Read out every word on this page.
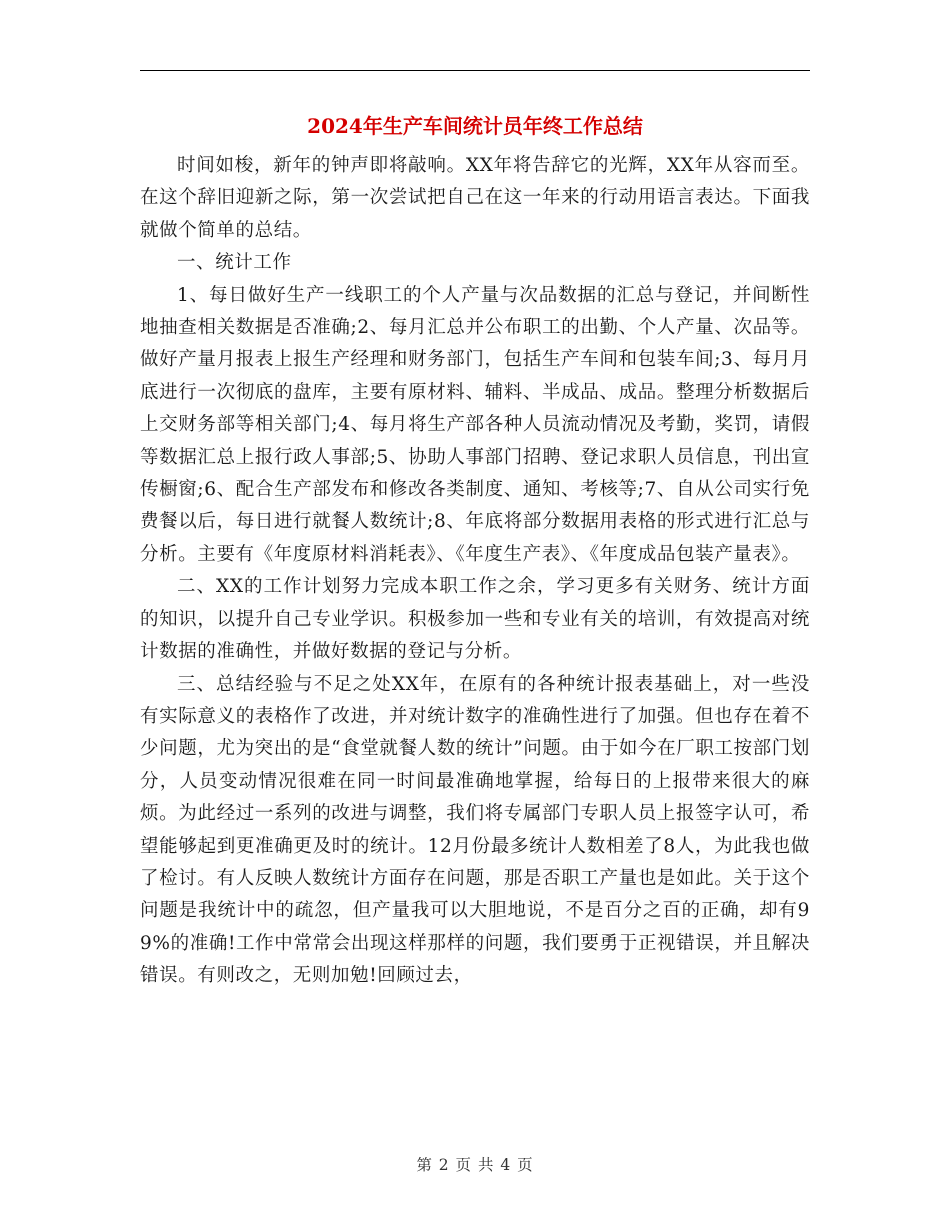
2024年生产车间统计员年终工作总结

时间如梭，新年的钟声即将敲响。XX年将告辞它的光辉，XX年从容而至。在这个辞旧迎新之际，第一次尝试把自己在这一年来的行动用语言表达。下面我就做个简单的总结。

一、统计工作

1、每日做好生产一线职工的个人产量与次品数据的汇总与登记，并间断性地抽查相关数据是否准确;2、每月汇总并公布职工的出勤、个人产量、次品等。做好产量月报表上报生产经理和财务部门，包括生产车间和包装车间;3、每月月底进行一次彻底的盘库，主要有原材料、辅料、半成品、成品。整理分析数据后上交财务部等相关部门;4、每月将生产部各种人员流动情况及考勤，奖罚，请假等数据汇总上报行政人事部;5、协助人事部门招聘、登记求职人员信息，刊出宣传橱窗;6、配合生产部发布和修改各类制度、通知、考核等;7、自从公司实行免费餐以后，每日进行就餐人数统计;8、年底将部分数据用表格的形式进行汇总与分析。主要有《年度原材料消耗表》、《年度生产表》、《年度成品包装产量表》。

二、XX的工作计划努力完成本职工作之余，学习更多有关财务、统计方面的知识，以提升自己专业学识。积极参加一些和专业有关的培训，有效提高对统计数据的准确性，并做好数据的登记与分析。

三、总结经验与不足之处XX年，在原有的各种统计报表基础上，对一些没有实际意义的表格作了改进，并对统计数字的准确性进行了加强。但也存在着不少问题，尤为突出的是“食堂就餐人数的统计”问题。由于如今在厂职工按部门划分，人员变动情况很难在同一时间最准确地掌握，给每日的上报带来很大的麻烦。为此经过一系列的改进与调整，我们将专属部门专职人员上报签字认可，希望能够起到更准确更及时的统计。12月份最多统计人数相差了8人，为此我也做了检讨。有人反映人数统计方面存在问题，那是否职工产量也是如此。关于这个问题是我统计中的疏忽，但产量我可以大胆地说，不是百分之百的正确，却有99%的准确!工作中常常会出现这样那样的问题，我们要勇于正视错误，并且解决错误。有则改之，无则加勉!回顾过去，

第 2 页 共 4 页
